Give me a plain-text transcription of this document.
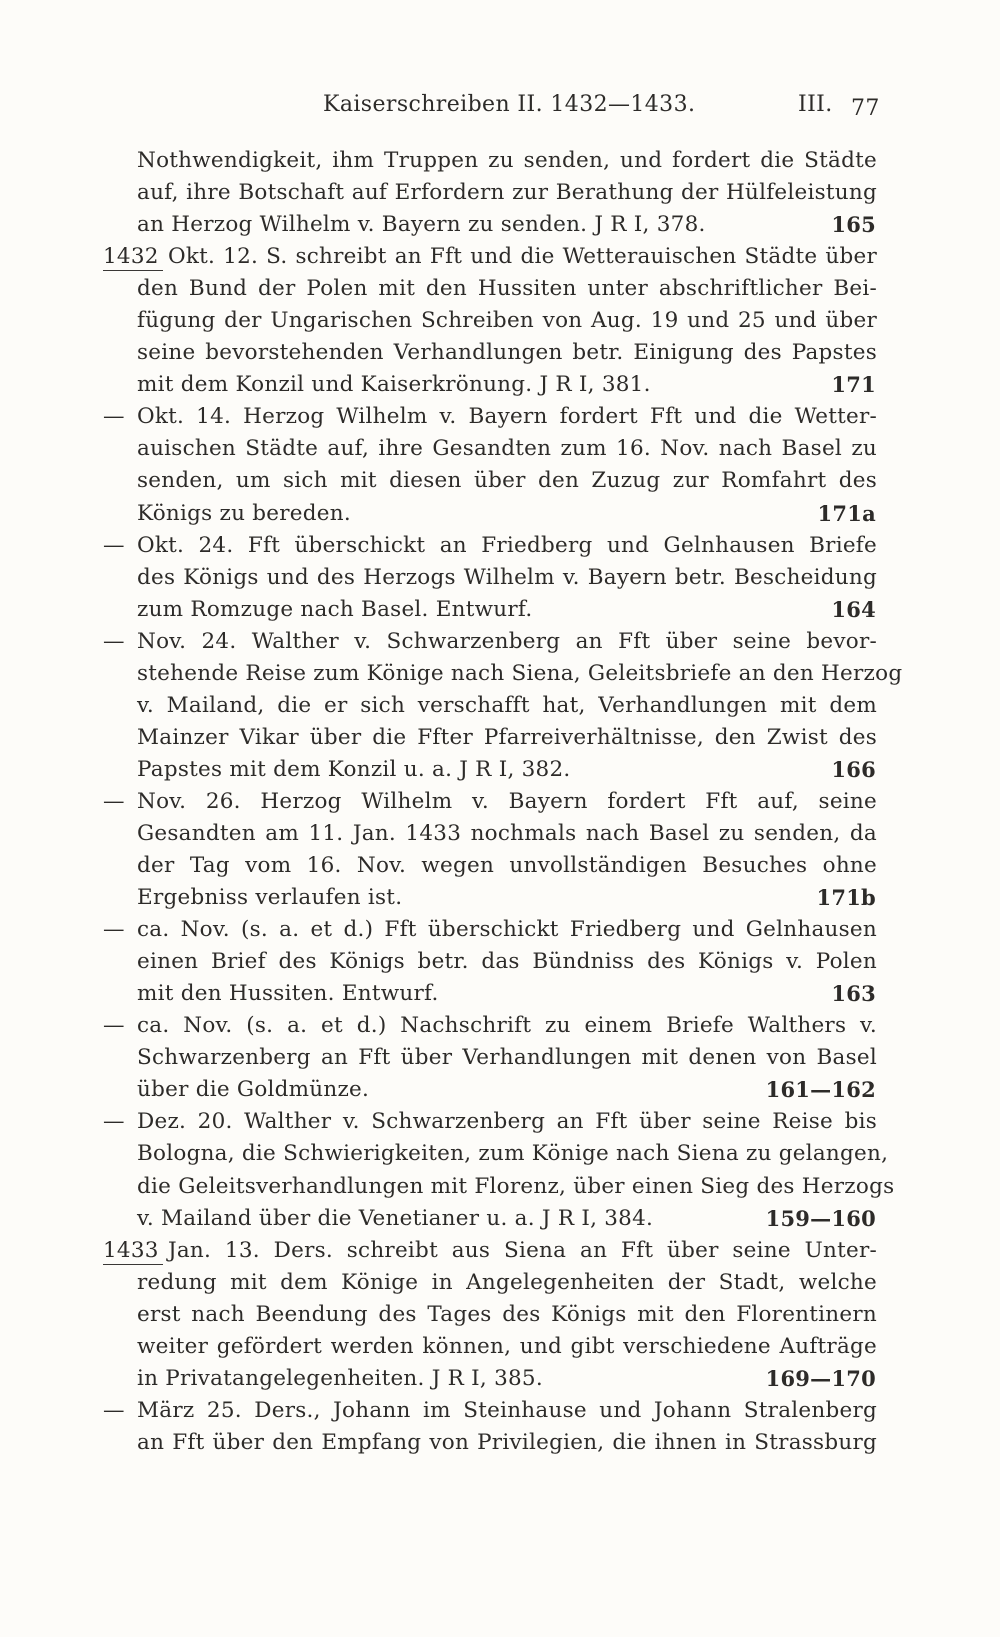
Kaiserschreiben II. 1432—1433.	III. 77
Nothwendigkeit, ihm Truppen zu senden, und fordert die Städte
auf, ihre Botschaft auf Erfordern zur Berathung der Hülfeleistung
an Herzog Wilhelm v. Bayern zu senden. J R I, 378.	165
1432 Okt. 12. S. schreibt an Fft und die Wetterauischen Städte über
den Bund der Polen mit den Hussiten unter abschriftlicher Bei-
fügung der Ungarischen Schreiben von Aug. 19 und 25 und über
seine bevorstehenden Verhandlungen betr. Einigung des Papstes
mit dem Konzil und Kaiserkrönung. J R I, 381.	171
— Okt. 14. Herzog Wilhelm v. Bayern fordert Fft und die Wetter-
auischen Städte auf, ihre Gesandten zum 16. Nov. nach Basel zu
senden, um sich mit diesen über den Zuzug zur Romfahrt des
Königs zu bereden.	171a
— Okt. 24. Fft überschickt an Friedberg und Gelnhausen Briefe
des Königs und des Herzogs Wilhelm v. Bayern betr. Bescheidung
zum Romzuge nach Basel. Entwurf.	164
— Nov. 24. Walther v. Schwarzenberg an Fft über seine bevor-
stehende Reise zum Könige nach Siena, Geleitsbriefe an den Herzog
v. Mailand, die er sich verschafft hat, Verhandlungen mit dem
Mainzer Vikar über die Ffter Pfarreiverhältnisse, den Zwist des
Papstes mit dem Konzil u. a. J R I, 382.	166
— Nov. 26. Herzog Wilhelm v. Bayern fordert Fft auf, seine
Gesandten am 11. Jan. 1433 nochmals nach Basel zu senden, da
der Tag vom 16. Nov. wegen unvollständigen Besuches ohne
Ergebniss verlaufen ist.	171b
— ca. Nov. (s. a. et d.) Fft überschickt Friedberg und Gelnhausen
einen Brief des Königs betr. das Bündniss des Königs v. Polen
mit den Hussiten. Entwurf.	163
— ca. Nov. (s. a. et d.) Nachschrift zu einem Briefe Walthers v.
Schwarzenberg an Fft über Verhandlungen mit denen von Basel
über die Goldmünze.	161—162
— Dez. 20. Walther v. Schwarzenberg an Fft über seine Reise bis
Bologna, die Schwierigkeiten, zum Könige nach Siena zu gelangen,
die Geleitsverhandlungen mit Florenz, über einen Sieg des Herzogs
v. Mailand über die Venetianer u. a. J R I, 384.	159—160
1433 Jan. 13. Ders. schreibt aus Siena an Fft über seine Unter-
redung mit dem Könige in Angelegenheiten der Stadt, welche
erst nach Beendung des Tages des Königs mit den Florentinern
weiter gefördert werden können, und gibt verschiedene Aufträge
in Privatangelegenheiten. J R I, 385.	169—170
— März 25. Ders., Johann im Steinhause und Johann Stralenberg
an Fft über den Empfang von Privilegien, die ihnen in Strassburg
